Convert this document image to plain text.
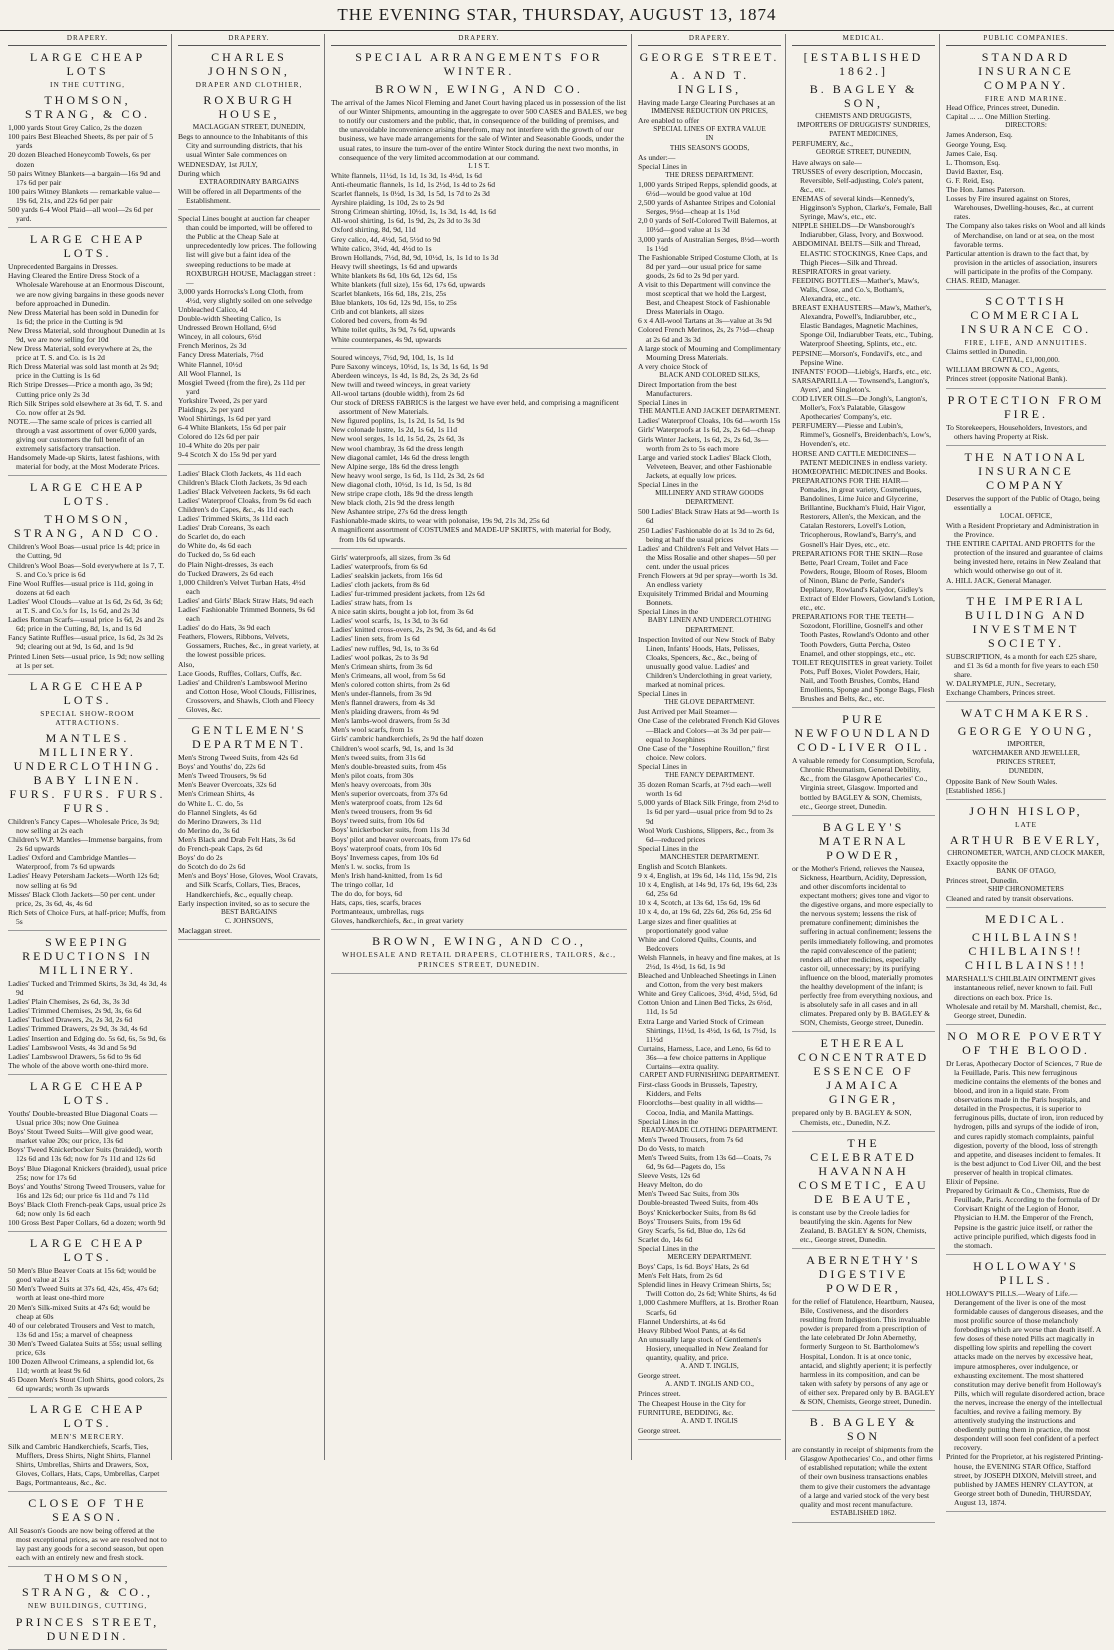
THE EVENING STAR, THURSDAY, AUGUST 13, 1874
DRAPERY.
LARGE CHEAP LOTS
IN THE CUTTING,
THOMSON, STRANG, & CO.
1,000 yards Stout Grey Calico, 2s the dozen
100 pairs Best Bleached Sheets, 8s per pair of 5 yards
20 dozen Bleached Honeycomb Towels, 6s per dozen
50 pairs Witney Blankets—a bargain—16s 9d and 17s 6d per pair
100 pairs Witney Blankets — remarkable value—19s 6d, 21s, and 22s 6d per pair
500 yards 6-4 Wool Plaid—all wool—2s 6d per yard.
LARGE CHEAP LOTS.
Unprecedented Bargains in Dresses.
Having Cleared the Entire Dress Stock of a Wholesale Warehouse at an Enormous Discount, we are now giving bargains in these goods never before approached in Dunedin.
New Dress Material has been sold in Dunedin for 1s 6d; the price in the Cutting is 9d
New Dress Material, sold throughout Dunedin at 1s 9d, we are now selling for 10d
New Dress Material, sold everywhere at 2s, the price at T. S. and Co. is 1s 2d
Rich Dress Material was sold last month at 2s 9d; price in the Cutting is 1s 6d
Rich Stripe Dresses—Price a month ago, 3s 9d; Cutting price only 2s 3d
Rich Silk Stripes sold elsewhere at 3s 6d, T. S. and Co. now offer at 2s 9d.
NOTE.—The same scale of prices is carried all through a vast assortment of over 6,000 yards, giving our customers the full benefit of an extremely satisfactory transaction.
Handsomely Made-up Skirts, latest fashions, with material for body, at the Most Moderate Prices.
LARGE CHEAP LOTS.
THOMSON, STRANG, AND CO.
Children's Wool Boas—usual price 1s 4d; price in the Cutting, 9d
Children's Wool Boas—Sold everywhere at 1s 7, T. S. and Co.'s price is 6d
Fine Wool Ruffles—usual price is 11d, going in dozens at 6d each
Ladies' Wool Clouds—value at 1s 6d, 2s 6d, 3s 6d; at T. S. and Co.'s for 1s, 1s 6d, and 2s 3d
Ladies Roman Scarfs—usual price 1s 6d, 2s and 2s 6d; price in the Cutting, 8d, 1s, and 1s 6d
Fancy Satinte Ruffles—usual price, 1s 6d, 2s 3d 2s 9d; clearing out at 9d, 1s 6d, and 1s 9d
Printed Linen Sets—usual price, 1s 9d; now selling at 1s per set.
LARGE CHEAP LOTS.
SPECIAL SHOW-ROOM ATTRACTIONS.
MANTLES. MILLINERY. UNDERCLOTHING. BABY LINEN. FURS. FURS. FURS. FURS.
Children's Fancy Capes—Wholesale Price, 3s 9d; now selling at 2s each
Children's W.P. Mantles—Immense bargains, from 2s 6d upwards
Ladies' Oxford and Cambridge Mantles—Waterproof, from 7s 6d upwards
Ladies' Heavy Petersham Jackets—Worth 12s 6d; now selling at 6s 9d
Misses' Black Cloth Jackets—50 per cent. under price, 2s, 3s 6d, 4s, 4s 6d
Rich Sets of Choice Furs, at half-price; Muffs, from 5s
SWEEPING REDUCTIONS IN MILLINERY.
Ladies' Tucked and Trimmed Skirts, 3s 3d, 4s 3d, 4s 9d
Ladies' Plain Chemises, 2s 6d, 3s, 3s 3d
Ladies' Trimmed Chemises, 2s 9d, 3s, 6s 6d
Ladies' Tucked Drawers, 2s, 2s 3d, 2s 6d
Ladies' Trimmed Drawers, 2s 9d, 3s 3d, 4s 6d
Ladies' Insertion and Edging do. 5s 6d, 6s, 5s 9d, 6s
Ladies' Lambswool Vests, 4s 3d and 5s 9d
Ladies' Lambswool Drawers, 5s 6d to 9s 6d
The whole of the above worth one-third more.
LARGE CHEAP LOTS.
Youths' Double-breasted Blue Diagonal Coats —Usual price 30s; now One Guinea
Boys' Stout Tweed Suits—Will give good wear, market value 20s; our price, 13s 6d
Boys' Tweed Knickerbocker Suits (braided), worth 12s 6d and 13s 6d; now for 7s 11d and 12s 6d
Boys' Blue Diagonal Knickers (braided), usual price 25s; now for 17s 6d
Boys' and Youths' Strong Tweed Trousers, value for 16s and 12s 6d; our price 6s 11d and 7s 11d
Boys' Black Cloth French-peak Caps, usual price 2s 6d; now only 1s 6d each
100 Gross Best Paper Collars, 6d a dozen; worth 9d
LARGE CHEAP LOTS.
50 Men's Blue Beaver Coats at 15s 6d; would be good value at 21s
50 Men's Tweed Suits at 37s 6d, 42s, 45s, 47s 6d; worth at least one-third more
20 Men's Silk-mixed Suits at 47s 6d; would be cheap at 60s
40 of our celebrated Trousers and Vest to match, 13s 6d and 15s; a marvel of cheapness
30 Men's Tweed Galatea Suits at 55s; usual selling price, 63s
100 Dozen Allwool Crimeans, a splendid lot, 6s 11d; worth at least 9s 6d
45 Dozen Men's Stout Cloth Shirts, good colors, 2s 6d upwards; worth 3s upwards
LARGE CHEAP LOTS.
MEN'S MERCERY.
Silk and Cambric Handkerchiefs, Scarfs, Ties, Mufflers, Dress Shirts, Night Shirts, Flannel Shirts, Umbrellas, Shirts and Drawers, Sox, Gloves, Collars, Hats, Caps, Umbrellas, Carpet Bags, Portmanteaus, &c., &c.
CLOSE OF THE SEASON.
All Season's Goods are now being offered at the most exceptional prices, as we are resolved not to lay past any goods for a second season, but open each with an entirely new and fresh stock.
THOMSON, STRANG, & CO.,
NEW BUILDINGS, CUTTING,
PRINCES STREET, DUNEDIN.
DRAPERY.
CHARLES JOHNSON,
DRAPER AND CLOTHIER,
ROXBURGH HOUSE,
MACLAGGAN STREET, DUNEDIN,
Begs to announce to the Inhabitants of this City and surrounding districts, that his usual Winter Sale commences on
WEDNESDAY, 1st JULY,
During which
EXTRAORDINARY BARGAINS
Will be offered in all Departments of the Establishment.
Special Lines bought at auction far cheaper than could be imported, will be offered to the Public at the Cheap Sale at unprecedentedly low prices. The following list will give but a faint idea of the sweeping reductions to be made at ROXBURGH HOUSE, Maclaggan street :—
3,000 yards Horrocks's Long Cloth, from 4½d, very slightly soiled on one selvedge
Unbleached Calico, 4d
Double-width Sheeting Calico, 1s
Undressed Brown Holland, 6½d
Wincey, in all colours, 6½d
French Merinos, 2s 3d
Fancy Dress Materials, 7½d
White Flannel, 10½d
All Wool Flannel, 1s
Mosgiel Tweed (from the fire), 2s 11d per yard
Yorkshire Tweed, 2s per yard
Plaidings, 2s per yard
Wool Shirtings, 1s 6d per yard
6-4 White Blankets, 15s 6d per pair
Colored do 12s 6d per pair
10-4 White do 20s per pair
9-4 Scotch X do 15s 9d per yard
Ladies' Black Cloth Jackets, 4s 11d each
Children's Black Cloth Jackets, 3s 9d each
Ladies' Black Velveteen Jackets, 9s 6d each
Ladies' Waterproof Cloaks, from 9s 6d each
Children's do Capes, &c., 4s 11d each
Ladies' Trimmed Skirts, 3s 11d each
Ladies' Drab Coreans, 3s each
do Scarlet do, do each
do White do, 4s 6d each
do Tucked do, 5s 6d each
do Plain Night-dresses, 3s each
do Tucked Drawers, 2s 6d each
1,000 Children's Velvet Turban Hats, 4½d each
Ladies' and Girls' Black Straw Hats, 9d each
Ladies' Fashionable Trimmed Bonnets, 9s 6d each
Ladies' do do Hats, 3s 9d each
Feathers, Flowers, Ribbons, Velvets, Gossamers, Ruches, &c., in great variety, at the lowest possible prices.
Also,
Lace Goods, Ruffles, Collars, Cuffs, &c.
Ladies' and Children's Lambswool Merino and Cotton Hose, Wool Clouds, Fillisrines, Crossovers, and Shawls, Cloth and Fleecy Gloves, &c.
GENTLEMEN'S DEPARTMENT.
Men's Strong Tweed Suits, from 42s 6d
Boys' and Youths' do, 22s 6d
Men's Tweed Trousers, 9s 6d
Men's Beaver Overcoats, 32s 6d
Men's Crimean Shirts, 4s
do White L. C. do, 5s
do Flannel Singlets, 4s 6d
do Merino Drawers, 3s 11d
do Merino do, 3s 6d
Men's Black and Drab Felt Hats, 3s 6d
do French-peak Caps, 2s 6d
Boys' do do 2s
do Scotch do do 2s 6d
Men's and Boys' Hose, Gloves, Wool Cravats, and Silk Scarfs, Collars, Ties, Braces, Handkerchiefs, &c., equally cheap.
Early inspection invited, so as to secure the
BEST BARGAINS
C. JOHNSON'S,
Maclaggan street.
DRAPERY.
SPECIAL ARRANGEMENTS FOR WINTER.
BROWN, EWING, AND CO.
The arrival of the James Nicol Fleming and Janet Court having placed us in possession of the list of our Winter Shipments, amounting in the aggregate to over 500 CASES and BALES, we beg to notify our customers and the public, that, in consequence of the building of premises, and the unavoidable inconvenience arising therefrom, may not interfere with the growth of our business, we have made arrangements for the sale of Winter and Seasonable Goods, under the usual rates, to insure the turn-over of the entire Winter Stock during the next two months, in consequence of the very limited accommodation at our command.
L I S T.
White flannels, 11½d, 1s 1d, 1s 3d, 1s 4½d, 1s 6d
Anti-rheumatic flannels, 1s 1d, 1s 2½d, 1s 4d to 2s 6d
Scarlet flannels, 1s 0½d, 1s 3d, 1s 5d, 1s 7d to 2s 3d
Ayrshire plaiding, 1s 10d, 2s to 2s 9d
Strong Crimean shirting, 10½d, 1s, 1s 3d, 1s 4d, 1s 6d
All-wool shirting, 1s 6d, 1s 9d, 2s, 2s 3d to 3s 3d
Oxford shirting, 8d, 9d, 11d
Grey calico, 4d, 4½d, 5d, 5½d to 9d
White calico, 3½d, 4d, 4½d to 1s
Brown Hollands, 7½d, 8d, 9d, 10½d, 1s, 1s 1d to 1s 3d
Heavy twill sheetings, 1s 6d and upwards
White blankets 8s 6d, 10s 6d, 12s 6d, 15s
White blankets (full size), 15s 6d, 17s 6d, upwards
Scarlet blankets, 16s 6d, 18s, 21s, 25s
Blue blankets, 10s 6d, 12s 9d, 15s, to 25s
Crib and cot blankets, all sizes
Colored bed covers, from 4s 9d
White toilet quilts, 3s 9d, 7s 6d, upwards
White counterpanes, 4s 9d, upwards
Soured winceys, 7½d, 9d, 10d, 1s, 1s 1d
Pure Saxony winceys, 10½d, 1s, 1s 3d, 1s 6d, 1s 9d
Aberdeen winceys, 1s 4d, 1s 8d, 2s, 2s 3d, 2s 6d
New twill and tweed winceys, in great variety
All-wool tartans (double width), from 2s 6d
Our stock of DRESS FABRICS is the largest we have ever held, and comprising a magnificent assortment of New Materials.
New figured poplins, 1s, 1s 2d, 1s 5d, 1s 9d
New colonade lustre, 1s 2d, 1s 6d, 1s 11d
New wool serges, 1s 1d, 1s 5d, 2s, 2s 6d, 3s
New wool chambray, 3s 6d the dress length
New diagonal camlet, 14s 6d the dress length
New Alpine serge, 18s 6d the dress length
New heavy wool serge, 1s 6d, 1s 11d, 2s 3d, 2s 6d
New diagonal cloth, 10½d, 1s 1d, 1s 5d, 1s 8d
New stripe crape cloth, 18s 9d the dress length
New black cloth, 21s 9d the dress length
New Ashantee stripe, 27s 6d the dress length
Fashionable-made skirts, to wear with polonaise, 19s 9d, 21s 3d, 25s 6d
A magnificent assortment of COSTUMES and MADE-UP SKIRTS, with material for Body, from 10s 6d upwards.
Girls' waterproofs, all sizes, from 3s 6d
Ladies' waterproofs, from 6s 6d
Ladies' sealskin jackets, from 16s 6d
Ladies' cloth jackets, from 8s 6d
Ladies' fur-trimmed president jackets, from 12s 6d
Ladies' straw hats, from 1s
A nice satin skirts, bought a job lot, from 3s 6d
Ladies' wool scarfs, 1s, 1s 3d, to 3s 6d
Ladies' knitted cross-overs, 2s, 2s 9d, 3s 6d, and 4s 6d
Ladies' linen sets, from 1s 6d
Ladies' new ruffles, 9d, 1s, to 3s 6d
Ladies' wool polkas, 2s to 3s 9d
Men's Crimean shirts, from 3s 6d
Men's Crimeans, all wool, from 5s 6d
Men's colored cotton shirts, from 2s 6d
Men's under-flannels, from 3s 9d
Men's flannel drawers, from 4s 3d
Men's plaiding drawers, from 4s 9d
Men's lambs-wool drawers, from 5s 3d
Men's wool scarfs, from 1s
Girls' cambric handkerchiefs, 2s 9d the half dozen
Children's wool scarfs, 9d, 1s, and 1s 3d
Men's tweed suits, from 31s 6d
Men's double-breasted suits, from 45s
Men's pilot coats, from 30s
Men's heavy overcoats, from 30s
Men's superior overcoats, from 37s 6d
Men's waterproof coats, from 12s 6d
Men's tweed trousers, from 9s 6d
Boys' tweed suits, from 10s 6d
Boys' knickerbocker suits, from 11s 3d
Boys' pilot and beaver overcoats, from 17s 6d
Boys' waterproof coats, from 10s 6d
Boys' Inverness capes, from 10s 6d
Men's l. w. socks, from 1s
Men's Irish hand-knitted, from 1s 6d
The tringo collar, 1d
The do do, for boys, 6d
Hats, caps, ties, scarfs, braces
Portmanteaux, umbrellas, rugs
Gloves, handkerchiefs, &c., in great variety
BROWN, EWING, AND CO.,
WHOLESALE AND RETAIL DRAPERS, CLOTHIERS, TAILORS, &c., PRINCES STREET, DUNEDIN.
DRAPERY.
GEORGE STREET.
A. AND T. INGLIS,
Having made Large Clearing Purchases at an
IMMENSE REDUCTION ON PRICES,
Are enabled to offer
SPECIAL LINES OF EXTRA VALUE
IN
THIS SEASON'S GOODS,
As under:—
Special Lines in
THE DRESS DEPARTMENT.
1,000 yards Striped Repps, splendid goods, at 6½d—would be good value at 10d
2,500 yards of Ashantee Stripes and Colonial Serges, 9½d—cheap at 1s 1½d
2,0 0 yards of Self-Colored Twill Balernos, at 10½d—good value at 1s 3d
3,000 yards of Australian Serges, 8½d—worth 1s 1½d
The Fashionable Striped Costume Cloth, at 1s 8d per yard—our usual price for same goods, 2s 6d to 2s 9d per yard.
A visit to this Department will convince the most sceptical that we hold the Largest, Best, and Cheapest Stock of Fashionable Dress Materials in Otago.
6 x 4 All-wool Tartans at 3s—value at 3s 9d
Colored French Merinos, 2s, 2s 7½d—cheap at 2s 6d and 3s 3d
A large stock of Mourning and Complimentary Mourning Dress Materials.
A very choice Stock of
BLACK AND COLORED SILKS,
Direct Importation from the best Manufacturers.
Special Lines in
THE MANTLE AND JACKET DEPARTMENT.
Ladies' Waterproof Cloaks, 10s 6d—worth 15s
Girls' Waterproofs at 1s 6d, 2s, 2s 6d—cheap
Girls Winter Jackets, 1s 6d, 2s, 2s 6d, 3s—worth from 2s to 5s each more
Large and varied stock Ladies' Black Cloth, Velveteen, Beaver, and other Fashionable Jackets, at equally low prices.
Special Lines in the
MILLINERY AND STRAW GOODS DEPARTMENT.
500 Ladies' Black Straw Hats at 9d—worth 1s 6d
250 Ladies' Fashionable do at 1s 3d to 2s 6d, being at half the usual prices
Ladies' and Children's Felt and Velvet Hats —the Miss Rosalie and other shapes—50 per cent. under the usual prices
French Flowers at 9d per spray—worth 1s 3d. An endless variety
Exquisitely Trimmed Bridal and Mourning Bonnets.
Special Lines in the
BABY LINEN AND UNDERCLOTHING DEPARTMENT.
Inspection Invited of our New Stock of Baby Linen, Infants' Hoods, Hats, Pelisses, Cloaks, Spencers, &c., &c., being of unusually good value. Ladies' and Children's Underclothing in great variety, marked at nominal prices.
Special Lines in
THE GLOVE DEPARTMENT.
Just Arrived per Mail Steamer—
One Case of the celebrated French Kid Gloves—Black and Colors—at 3s 3d per pair—equal to Josephines
One Case of the "Josephine Rouillon," first choice. New colors.
Special Lines in
THE FANCY DEPARTMENT.
35 dozen Roman Scarfs, at 7½d each—well worth 1s 6d
5,000 yards of Black Silk Fringe, from 2½d to 1s 6d per yard—usual price from 9d to 2s 9d
Wool Work Cushions, Slippers, &c., from 3s 6d—reduced prices
Special Lines in the
MANCHESTER DEPARTMENT.
English and Scotch Blankets.
9 x 4, English, at 19s 6d, 14s 11d, 15s 9d, 21s
10 x 4, English, at 14s 9d, 17s 6d, 19s 6d, 23s 6d, 25s 6d
10 x 4, Scotch, at 13s 6d, 15s 6d, 19s 6d
10 x 4, do, at 19s 6d, 22s 6d, 26s 6d, 25s 6d
Large sizes and finer qualities at proportionately good value
White and Colored Quilts, Counts, and Bedcovers
Welsh Flannels, in heavy and fine makes, at 1s 2½d, 1s 4½d, 1s 6d, 1s 9d
Bleached and Unbleached Sheetings in Linen and Cotton, from the very best makers
White and Grey Calicoes, 3½d, 4½d, 5½d, 6d
Cotton Union and Linen Bed Ticks, 2s 6½d, 11d, 1s 5d
Extra Large and Varied Stock of Crimean Shirtings, 11½d, 1s 4½d, 1s 6d, 1s 7½d, 1s 11½d
Curtains, Harness, Lace, and Leno, 6s 6d to 36s—a few choice patterns in Applique Curtains—extra quality.
CARPET AND FURNISHING DEPARTMENT.
First-class Goods in Brussels, Tapestry, Kidders, and Felts
Floorcloths—best quality in all widths—Cocoa, India, and Manila Mattings.
Special Lines in the
READY-MADE CLOTHING DEPARTMENT.
Men's Tweed Trousers, from 7s 6d
Do do Vests, to match
Men's Tweed Suits, from 13s 6d—Coats, 7s 6d, 9s 6d—Pagets do, 15s
Sleeve Vests, 12s 6d
Heavy Melton, do do
Men's Tweed Sac Suits, from 30s
Double-breasted Tweed Suits, from 40s
Boys' Knickerbocker Suits, from 8s 6d
Boys' Trousers Suits, from 19s 6d
Grey Scarfs, 5s 6d, Blue do, 12s 6d
Scarlet do, 14s 6d
Special Lines in the
MERCERY DEPARTMENT.
Boys' Caps, 1s 6d. Boys' Hats, 2s 6d
Men's Felt Hats, from 2s 6d
Splendid lines in Heavy Crimean Shirts, 5s; Twill Cotton do, 2s 6d; White Shirts, 4s 6d
1,000 Cashmere Mufflers, at 1s. Brother Roan Scarfs, 6d
Flannel Undershirts, at 4s 6d
Heavy Ribbed Wool Pants, at 4s 6d
An unusually large stock of Gentlemen's Hosiery, unequalled in New Zealand for quantity, quality, and price.
A. AND T. INGLIS,
George street.
A. AND T. INGLIS AND CO.,
Princes street.
The Cheapest House in the City for
FURNITURE, BEDDING, &c.
A. AND T. INGLIS
George street.
MEDICAL.
[ESTABLISHED 1862.]
B. BAGLEY & SON,
CHEMISTS AND DRUGGISTS,
IMPORTERS OF DRUGGISTS' SUNDRIES, PATENT MEDICINES,
PERFUMERY, &c.,
GEORGE STREET, DUNEDIN,
Have always on sale—
TRUSSES of every description, Moccasin, Reversible, Self-adjusting, Cole's patent, &c., etc.
ENEMAS of several kinds—Kennedy's, Higginson's Syphon, Clarke's, Female, Ball Syringe, Maw's, etc., etc.
NIPPLE SHIELDS—Dr Wansborough's Indiarubber, Glass, Ivory, and Boxwood.
ABDOMINAL BELTS—Silk and Thread, ELASTIC STOCKINGS, Knee Caps, and Thigh Pieces—Silk and Thread.
RESPIRATORS in great variety.
FEEDING BOTTLES—Mather's, Maw's, Walls, Close, and Co.'s, Botham's, Alexandra, etc., etc.
BREAST EXHAUSTERS—Maw's, Mather's, Alexandra, Powell's, Indiarubber, etc., Elastic Bandages, Magnetic Machines, Sponge Oil, Indiarubber Teats, etc., Tubing, Waterproof Sheeting, Splints, etc., etc.
PEPSINE—Morson's, Fondavil's, etc., and Pepsine Wine.
INFANTS' FOOD—Liebig's, Hard's, etc., etc.
SARSAPARILLA — Townsend's, Langton's, Ayers', and Singleton's.
COD LIVER OILS—De Jongh's, Langton's, Moller's, Fox's Palatable, Glasgow Apothecaries' Company's, etc.
PERFUMERY—Piesse and Lubin's, Rimmel's, Gosnell's, Breidenbach's, Low's, Hovenden's, etc.
HORSE AND CATTLE MEDICINES—PATENT MEDICINES in endless variety.
HOMŒOPATHIC MEDICINES and Books.
PREPARATIONS FOR THE HAIR—Pomades, in great variety, Cosmetiques, Bandolines, Lime Juice and Glycerine, Brillantine, Buckham's Fluid, Hair Vigor, Restorers, Allen's, the Mexican, and the Catalan Restorers, Lovell's Lotion, Tricopherous, Rowland's, Barry's, and Gosnell's Hair Dyes, etc., etc.
PREPARATIONS FOR THE SKIN—Rose Bette, Pearl Cream, Toilet and Face Powders, Rouge, Bloom of Roses, Bloom of Ninon, Blanc de Perle, Sander's Depilatory, Rowland's Kalydor, Gidley's Extract of Elder Flowers, Gowland's Lotion, etc., etc.
PREPARATIONS FOR THE TEETH—Sozodont, Florilline, Gosnell's and other Tooth Pastes, Rowland's Odonto and other Tooth Powders, Gutta Percha, Osteo Enamel, and other stoppings, etc., etc.
TOILET REQUISITES in great variety. Toilet Pots, Puff Boxes, Violet Powders, Hair, Nail, and Tooth Brushes, Combs, Hand Emollients, Sponge and Sponge Bags, Flesh Brushes and Belts, &c., etc.
PURE NEWFOUNDLAND COD-LIVER OIL.
A valuable remedy for Consumption, Scrofula, Chronic Rheumatism, General Debility, &c., from the Glasgow Apothecaries' Co., Virginia street, Glasgow. Imported and bottled by BAGLEY & SON, Chemists, etc., George street, Dunedin.
BAGLEY'S MATERNAL POWDER,
or the Mother's Friend, relieves the Nausea, Sickness, Heartburn, Acidity, Depression, and other discomforts incidental to expectant mothers; gives tone and vigor to the digestive organs, and more especially to the nervous system; lessens the risk of premature confinement; diminishes the suffering in actual confinement; lessens the perils immediately following, and promotes the rapid convalescence of the patient; renders all other medicines, especially castor oil, unnecessary; by its purifying influence on the blood, materially promotes the healthy development of the infant; is perfectly free from everything noxious, and is absolutely safe in all cases and in all climates. Prepared only by B. BAGLEY & SON, Chemists, George street, Dunedin.
ETHEREAL CONCENTRATED ESSENCE OF JAMAICA GINGER,
prepared only by B. BAGLEY & SON, Chemists, etc., Dunedin, N.Z.
THE CELEBRATED HAVANNAH COSMETIC, EAU DE BEAUTE,
is constant use by the Creole ladies for beautifying the skin. Agents for New Zealand, B. BAGLEY & SON, Chemists, etc., George street, Dunedin.
ABERNETHY'S DIGESTIVE POWDER,
for the relief of Flatulence, Heartburn, Nausea, Bile, Costiveness, and the disorders resulting from Indigestion. This invaluable powder is prepared from a prescription of the late celebrated Dr John Abernethy, formerly Surgeon to St. Bartholomew's Hospital, London. It is at once tonic, antacid, and slightly aperient; it is perfectly harmless in its composition, and can be taken with safety by persons of any age or of either sex. Prepared only by B. BAGLEY & SON, Chemists, George street, Dunedin.
B. BAGLEY & SON
are constantly in receipt of shipments from the Glasgow Apothecaries' Co., and other firms of established reputation; while the extent of their own business transactions enables them to give their customers the advantage of a large and varied stock of the very best quality and most recent manufacture.
ESTABLISHED 1862.
PUBLIC COMPANIES.
STANDARD INSURANCE COMPANY.
FIRE AND MARINE.
Head Office, Princes street, Dunedin.
Capital ... ... One Million Sterling.
DIRECTORS:
James Anderson, Esq.
George Young, Esq.
James Caie, Esq.
L. Thomson, Esq.
David Baxter, Esq.
G. F. Reid, Esq.
The Hon. James Paterson.
Losses by Fire insured against on Stores, Warehouses, Dwelling-houses, &c., at current rates.
The Company also takes risks on Wool and all kinds of Merchandise, on land or at sea, on the most favorable terms.
Particular attention is drawn to the fact that, by provision in the articles of association, insurers will participate in the profits of the Company.
CHAS. REID, Manager.
SCOTTISH COMMERCIAL INSURANCE CO.
FIRE, LIFE, AND ANNUITIES.
Claims settled in Dunedin.
CAPITAL, £1,000,000.
WILLIAM BROWN & CO., Agents,
Princes street (opposite National Bank).
PROTECTION FROM FIRE.
To Storekeepers, Householders, Investors, and others having Property at Risk.
THE NATIONAL INSURANCE COMPANY
Deserves the support of the Public of Otago, being essentially a
LOCAL OFFICE,
With a Resident Proprietary and Administration in the Province.
THE ENTIRE CAPITAL AND PROFITS for the protection of the insured and guarantee of claims being invested here, retains in New Zealand that which would otherwise go out of it.
A. HILL JACK, General Manager.
THE IMPERIAL BUILDING AND INVESTMENT SOCIETY.
SUBSCRIPTION, 4s a month for each £25 share, and £1 3s 6d a month for five years to each £50 share.
W. DALRYMPLE, JUN., Secretary,
Exchange Chambers, Princes street.
WATCHMAKERS.
GEORGE YOUNG,
IMPORTER,
WATCHMAKER AND JEWELLER,
PRINCES STREET,
DUNEDIN,
Opposite Bank of New South Wales.
[Established 1856.]
JOHN HISLOP,
LATE
ARTHUR BEVERLY,
CHRONOMETER, WATCH, AND CLOCK MAKER,
Exactly opposite the
BANK OF OTAGO,
Princes street, Dunedin.
SHIP CHRONOMETERS
Cleaned and rated by transit observations.
MEDICAL.
CHILBLAINS! CHILBLAINS!! CHILBLAINS!!!
MARSHALL'S CHILBLAIN OINTMENT gives instantaneous relief, never known to fail. Full directions on each box. Price 1s.
Wholesale and retail by M. Marshall, chemist, &c., George street, Dunedin.
NO MORE POVERTY OF THE BLOOD.
Dr Leras, Apothecary Doctor of Sciences, 7 Rue de la Feuillade, Paris. This new ferruginous medicine contains the elements of the bones and blood, and iron in a liquid state. From observations made in the Paris hospitals, and detailed in the Prospectus, it is superior to ferruginous pills, ductate of iron, iron reduced by hydrogen, pills and syrups of the iodide of iron, and cures rapidly stomach complaints, painful digestion, poverty of the blood, loss of strength and appetite, and diseases incident to females. It is the best adjunct to Cod Liver Oil, and the best preserver of health in tropical climates.
Elixir of Pepsine.
Prepared by Grimault & Co., Chemists, Rue de Feuillade, Paris. According to the formula of Dr Corvisart Knight of the Legion of Honor, Physician to H.M. the Emperor of the French, Pepsine is the gastric juice itself, or rather the active principle purified, which digests food in the stomach.
HOLLOWAY'S PILLS.
HOLLOWAY'S PILLS.—Weary of Life.—Derangement of the liver is one of the most formidable causes of dangerous diseases, and the most prolific source of those melancholy forebodings which are worse than death itself. A few doses of these noted Pills act magically in dispelling low spirits and repelling the covert attacks made on the nerves by excessive heat, impure atmospheres, over indulgence, or exhausting excitement. The most shattered constitution may derive benefit from Holloway's Pills, which will regulate disordered action, brace the nerves, increase the energy of the intellectual faculties, and revive a failing memory. By attentively studying the instructions and obediently putting them in practice, the most despondent will soon feel confident of a perfect recovery.
Printed for the Proprietor, at his registered Printing-house, the EVENING STAR Office, Stafford street, by JOSEPH DIXON, Melvill street, and published by JAMES HENRY CLAYTON, at George street both of Dunedin, THURSDAY, August 13, 1874.
